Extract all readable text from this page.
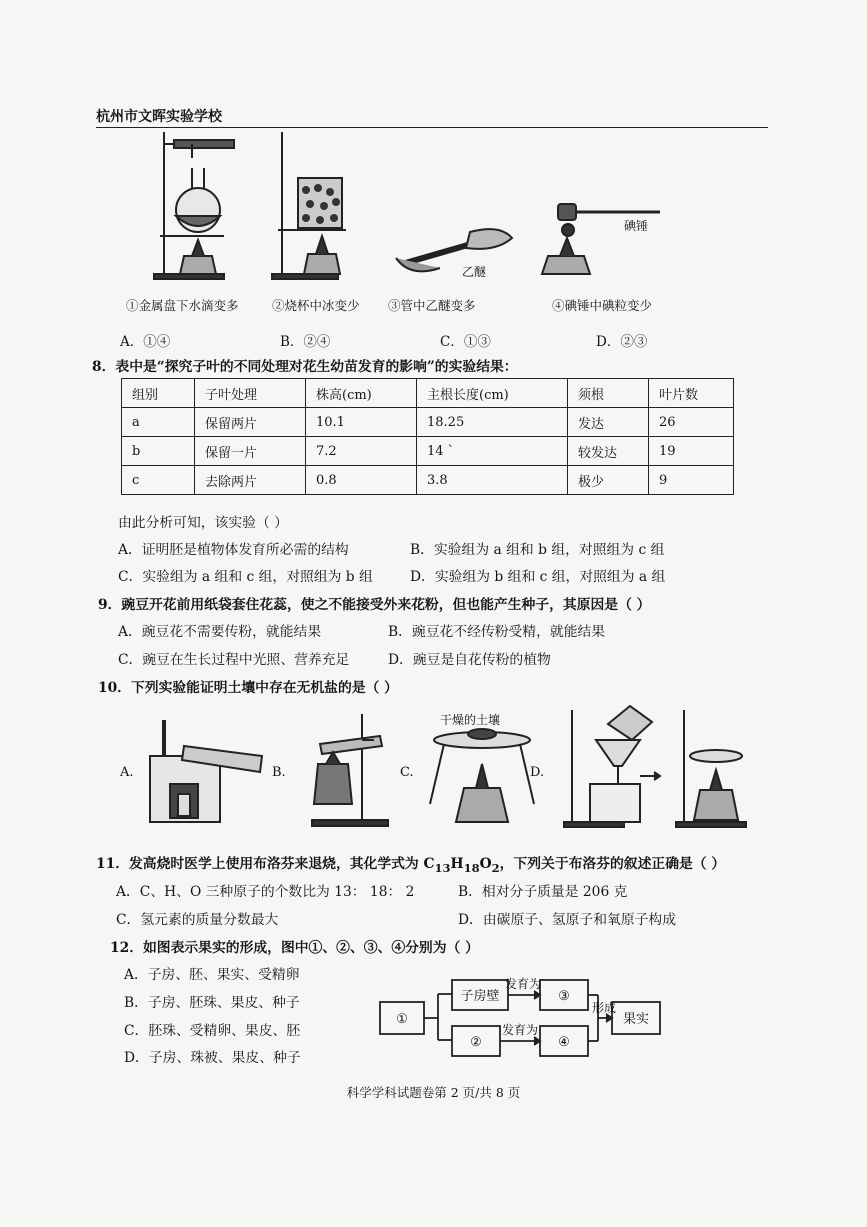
杭州市文晖实验学校
乙醚
碘锤
①金属盘下水滴变多	②烧杯中冰变少 ③管中乙醚变多	④碘锤中碘粒变少
A．①④	B．②④	C．①③	D．②③
8．表中是“探究子叶的不同处理对花生幼苗发育的影响”的实验结果：
组别	子叶处理	株高(cm)	主根长度(cm)	须根	叶片数
a	保留两片	10.1	18.25	发达	26
b	保留一片	7.2	14 `	较发达	19
c	去除两片	0.8	3.8	极少	9
由此分析可知，该实验（ ）
A．证明胚是植物体发育所必需的结构	B．实验组为 a 组和 b 组，对照组为 c 组
C．实验组为 a 组和 c 组，对照组为 b 组	D．实验组为 b 组和 c 组，对照组为 a 组
9．豌豆开花前用纸袋套住花蕊，使之不能接受外来花粉，但也能产生种子，其原因是（ ）
A．豌豆花不需要传粉，就能结果	B．豌豆花不经传粉受精，就能结果
C．豌豆在生长过程中光照、营养充足	D．豌豆是自花传粉的植物
10．下列实验能证明土壤中存在无机盐的是（ ）
A.	B.	C.	D.
干燥的土壤
11．发高烧时医学上使用布洛芬来退烧，其化学式为 $C_{13}H_{18}O_2$，下列关于布洛芬的叙述正确是（ ）
A．C、H、O 三种原子的个数比为 13： 18： 2	B．相对分子质量是 206 克
C．氢元素的质量分数最大	D．由碳原子、氢原子和氧原子构成
12．如图表示果实的形成，图中①、②、③、④分别为（ ）
A．子房、胚、果实、受精卵
B．子房、胚珠、果皮、种子
C．胚珠、受精卵、果皮、胚
D．子房、珠被、果皮、种子
①
子房壁
②
③
④
发育为
发育为
形成
果实
科学学科试题卷第 2 页/共 8 页
